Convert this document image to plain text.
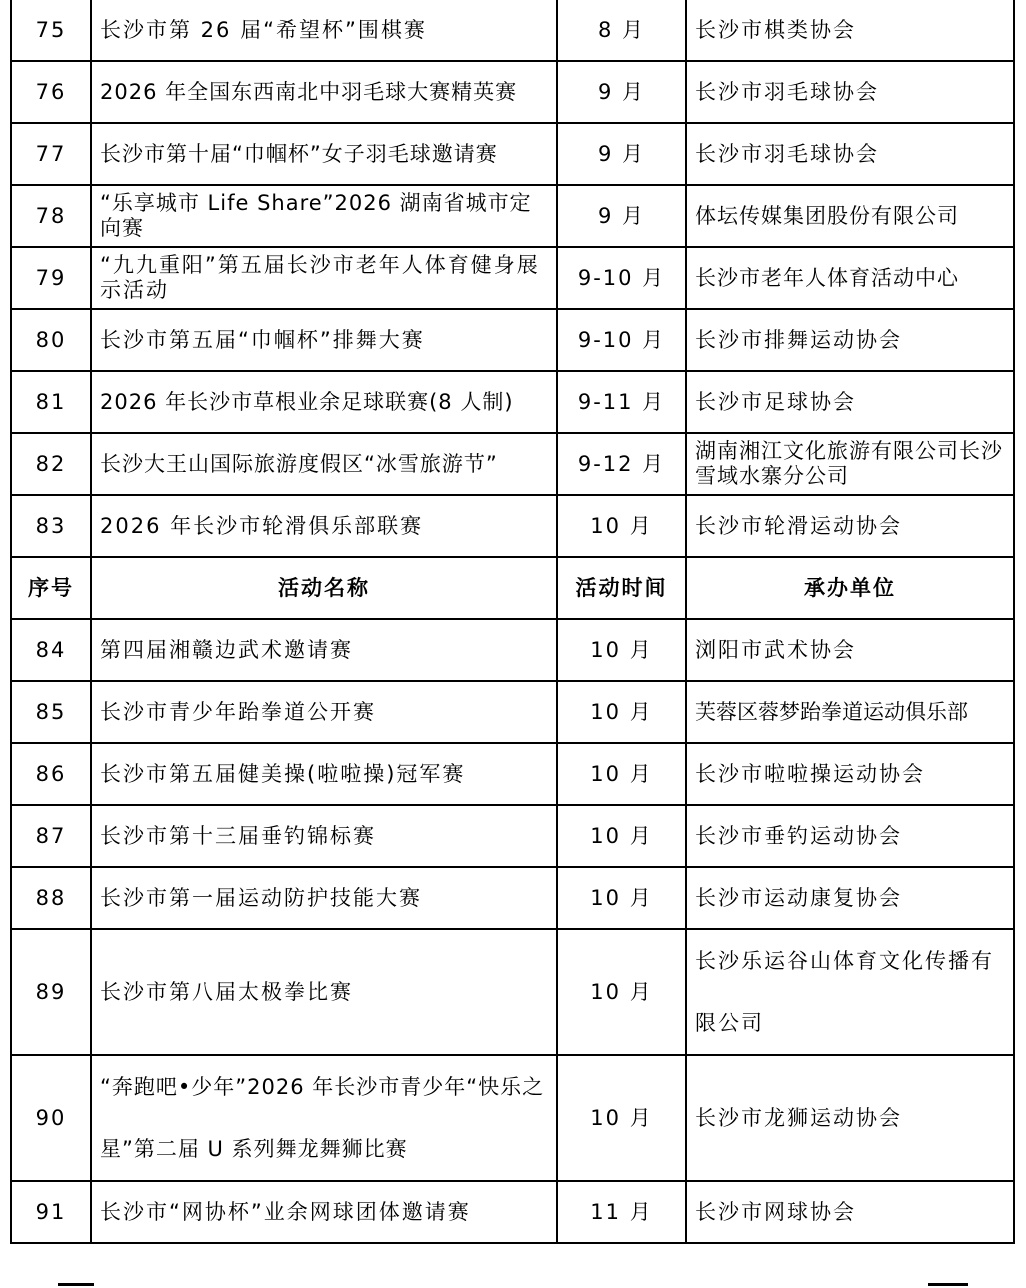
75	长沙市第 26 届“希望杯”围棋赛	8 月	长沙市棋类协会
76	2026 年全国东西南北中羽毛球大赛精英赛	9 月	长沙市羽毛球协会
77	长沙市第十届“巾帼杯”女子羽毛球邀请赛	9 月	长沙市羽毛球协会
78	“乐享城市 Life Share”2026 湖南省城市定向赛	9 月	体坛传媒集团股份有限公司
79	“九九重阳”第五届长沙市老年人体育健身展示活动	9-10 月	长沙市老年人体育活动中心
80	长沙市第五届“巾帼杯”排舞大赛	9-10 月	长沙市排舞运动协会
81	2026 年长沙市草根业余足球联赛(8 人制)	9-11 月	长沙市足球协会
82	长沙大王山国际旅游度假区“冰雪旅游节”	9-12 月	湖南湘江文化旅游有限公司长沙雪域水寨分公司
83	2026 年长沙市轮滑俱乐部联赛	10 月	长沙市轮滑运动协会
序号	活动名称	活动时间	承办单位
84	第四届湘赣边武术邀请赛	10 月	浏阳市武术协会
85	长沙市青少年跆拳道公开赛	10 月	芙蓉区蓉梦跆拳道运动俱乐部
86	长沙市第五届健美操(啦啦操)冠军赛	10 月	长沙市啦啦操运动协会
87	长沙市第十三届垂钓锦标赛	10 月	长沙市垂钓运动协会
88	长沙市第一届运动防护技能大赛	10 月	长沙市运动康复协会
89	长沙市第八届太极拳比赛	10 月	长沙乐运谷山体育文化传播有限公司
90	“奔跑吧•少年”2026 年长沙市青少年“快乐之星”第二届 U 系列舞龙舞狮比赛	10 月	长沙市龙狮运动协会
91	长沙市“网协杯”业余网球团体邀请赛	11 月	长沙市网球协会
